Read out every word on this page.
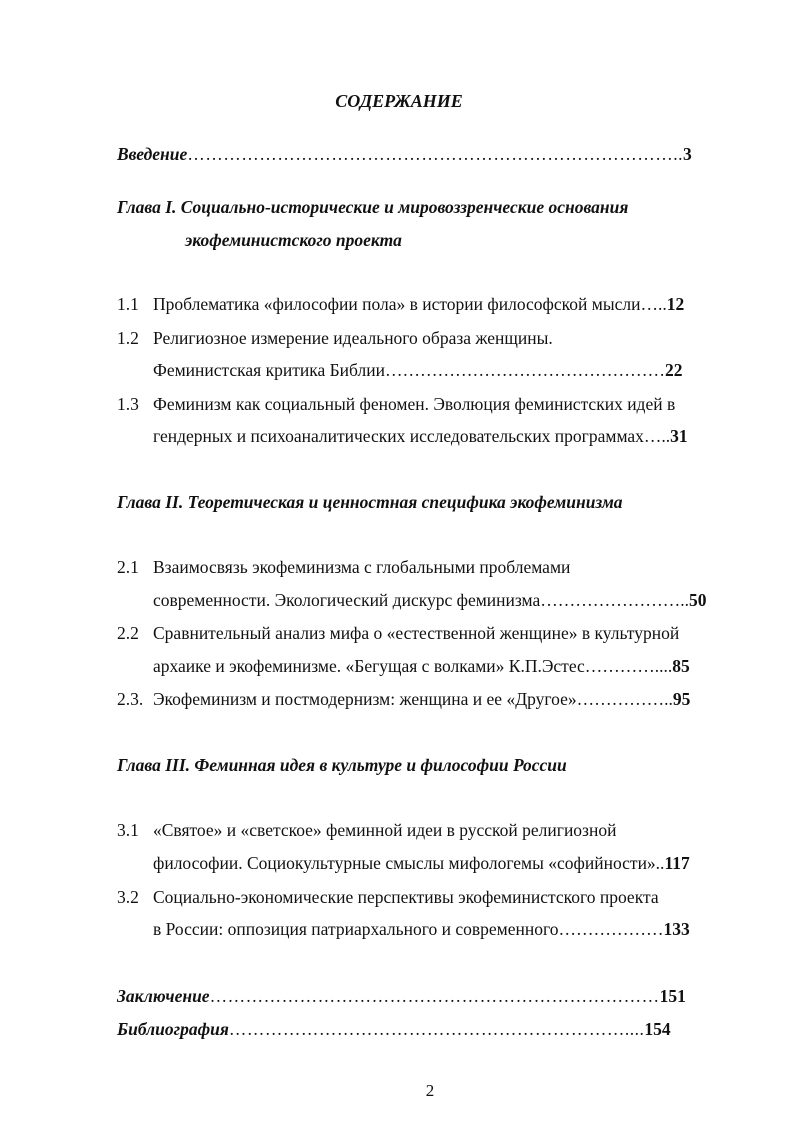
СОДЕРЖАНИЕ
Введение………………………………………………………………………..3
Глава I. Социально-исторические и мировоззренческие основания
экофеминистского проекта
1.1 Проблематика «философии пола» в истории философской мысли…..12
1.2 Религиозное измерение идеального образа женщины.
Феминистская критика Библии…………………………………………22
1.3 Феминизм как социальный феномен. Эволюция феминистских идей в
гендерных и психоаналитических исследовательских программах…..31
Глава II. Теоретическая и ценностная специфика экофеминизма
2.1 Взаимосвязь экофеминизма с глобальными проблемами
современности. Экологический дискурс феминизма……………………..50
2.2 Сравнительный анализ мифа о «естественной женщине» в культурной
архаике и экофеминизме. «Бегущая с волками» К.П.Эстес…………....85
2.3. Экофеминизм и постмодернизм: женщина и ее «Другое»……………..95
Глава III. Феминная идея в культуре и философии России
3.1 «Святое» и «светское» феминной идеи в русской религиозной
философии. Социокультурные смыслы мифологемы «софийности»..117
3.2 Социально-экономические перспективы экофеминистского проекта
в России: оппозиция патриархального и современного………………133
Заключение…………………………………………………………………151
Библиография…………………………………………………………....154
2
